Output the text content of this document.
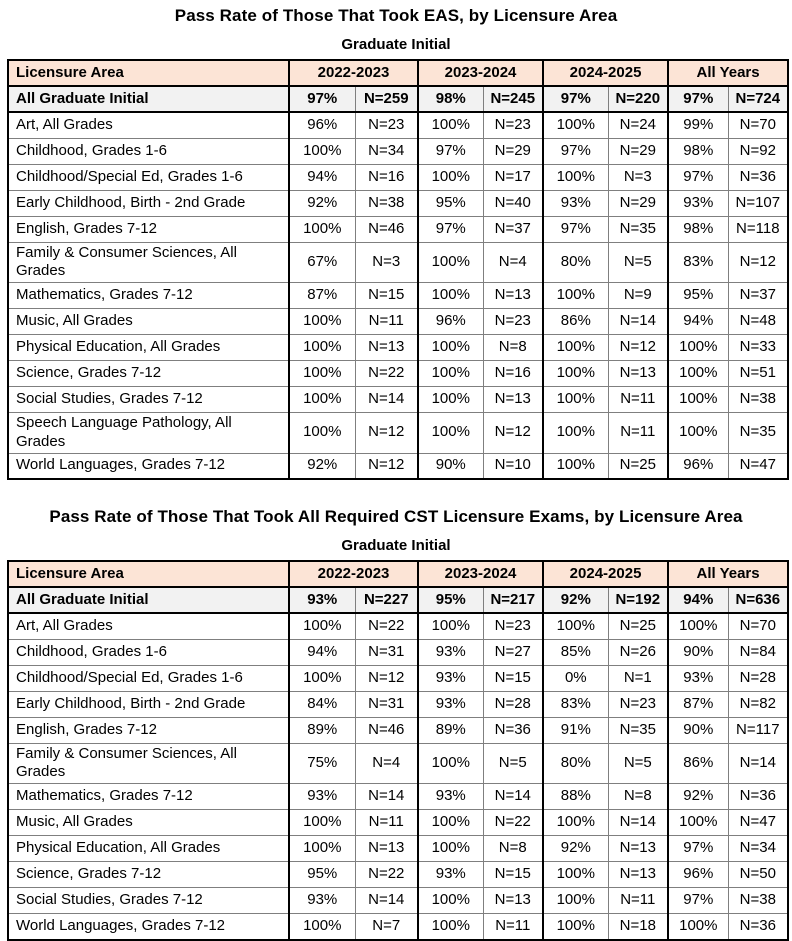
Pass Rate of Those That Took EAS, by Licensure Area
Graduate Initial
Licensure Area	2022-2023		2023-2024		2024-2025		All Years	
All Graduate Initial	97%	N=259	98%	N=245	97%	N=220	97%	N=724
Art, All Grades	96%	N=23	100%	N=23	100%	N=24	99%	N=70
Childhood, Grades 1-6	100%	N=34	97%	N=29	97%	N=29	98%	N=92
Childhood/Special Ed, Grades 1-6	94%	N=16	100%	N=17	100%	N=3	97%	N=36
Early Childhood, Birth - 2nd Grade	92%	N=38	95%	N=40	93%	N=29	93%	N=107
English, Grades 7-12	100%	N=46	97%	N=37	97%	N=35	98%	N=118
Family & Consumer Sciences, All Grades	67%	N=3	100%	N=4	80%	N=5	83%	N=12
Mathematics, Grades 7-12	87%	N=15	100%	N=13	100%	N=9	95%	N=37
Music, All Grades	100%	N=11	96%	N=23	86%	N=14	94%	N=48
Physical Education, All Grades	100%	N=13	100%	N=8	100%	N=12	100%	N=33
Science, Grades 7-12	100%	N=22	100%	N=16	100%	N=13	100%	N=51
Social Studies, Grades 7-12	100%	N=14	100%	N=13	100%	N=11	100%	N=38
Speech Language Pathology, All Grades	100%	N=12	100%	N=12	100%	N=11	100%	N=35
World Languages, Grades 7-12	92%	N=12	90%	N=10	100%	N=25	96%	N=47
Pass Rate of Those That Took All Required CST Licensure Exams, by Licensure Area
Graduate Initial
Licensure Area	2022-2023		2023-2024		2024-2025		All Years	
All Graduate Initial	93%	N=227	95%	N=217	92%	N=192	94%	N=636
Art, All Grades	100%	N=22	100%	N=23	100%	N=25	100%	N=70
Childhood, Grades 1-6	94%	N=31	93%	N=27	85%	N=26	90%	N=84
Childhood/Special Ed, Grades 1-6	100%	N=12	93%	N=15	0%	N=1	93%	N=28
Early Childhood, Birth - 2nd Grade	84%	N=31	93%	N=28	83%	N=23	87%	N=82
English, Grades 7-12	89%	N=46	89%	N=36	91%	N=35	90%	N=117
Family & Consumer Sciences, All Grades	75%	N=4	100%	N=5	80%	N=5	86%	N=14
Mathematics, Grades 7-12	93%	N=14	93%	N=14	88%	N=8	92%	N=36
Music, All Grades	100%	N=11	100%	N=22	100%	N=14	100%	N=47
Physical Education, All Grades	100%	N=13	100%	N=8	92%	N=13	97%	N=34
Science, Grades 7-12	95%	N=22	93%	N=15	100%	N=13	96%	N=50
Social Studies, Grades 7-12	93%	N=14	100%	N=13	100%	N=11	97%	N=38
World Languages, Grades 7-12	100%	N=7	100%	N=11	100%	N=18	100%	N=36
